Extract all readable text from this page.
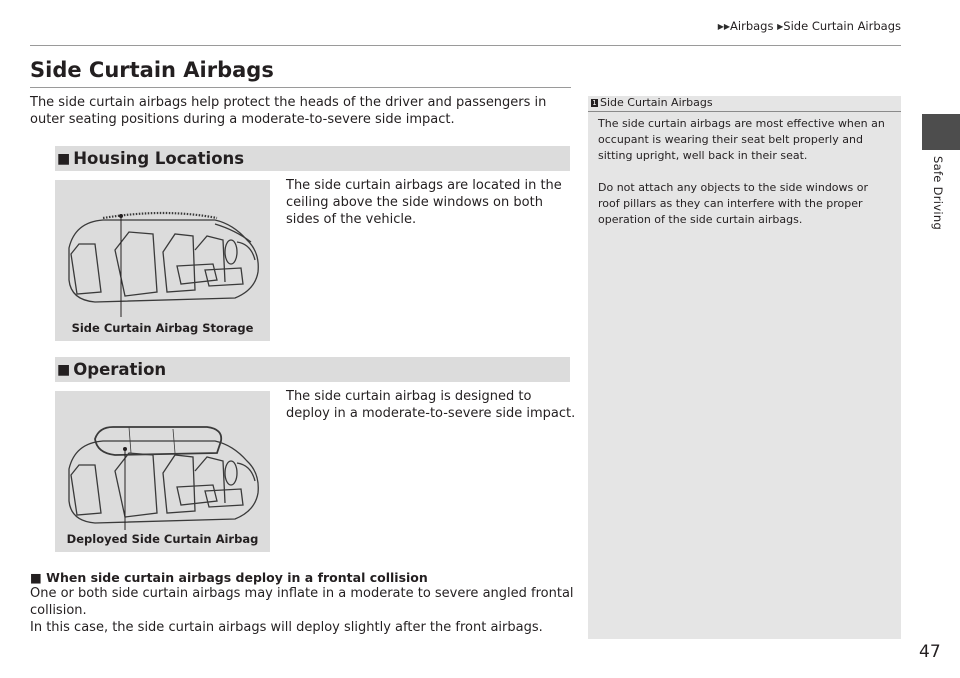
▶▶Airbags ▶Side Curtain Airbags
Safe Driving
Side Curtain Airbags
The side curtain airbags help protect the heads of the driver and passengers in outer seating positions during a moderate-to-severe side impact.
■ Housing Locations
Side Curtain Airbag Storage
The side curtain airbags are located in the ceiling above the side windows on both sides of the vehicle.
■ Operation
Deployed Side Curtain Airbag
The side curtain airbag is designed to deploy in a moderate-to-severe side impact.
■ When side curtain airbags deploy in a frontal collision
One or both side curtain airbags may inflate in a moderate to severe angled frontal collision.
In this case, the side curtain airbags will deploy slightly after the front airbags.
1 Side Curtain Airbags
The side curtain airbags are most effective when an occupant is wearing their seat belt properly and sitting upright, well back in their seat.
Do not attach any objects to the side windows or roof pillars as they can interfere with the proper operation of the side curtain airbags.
47
